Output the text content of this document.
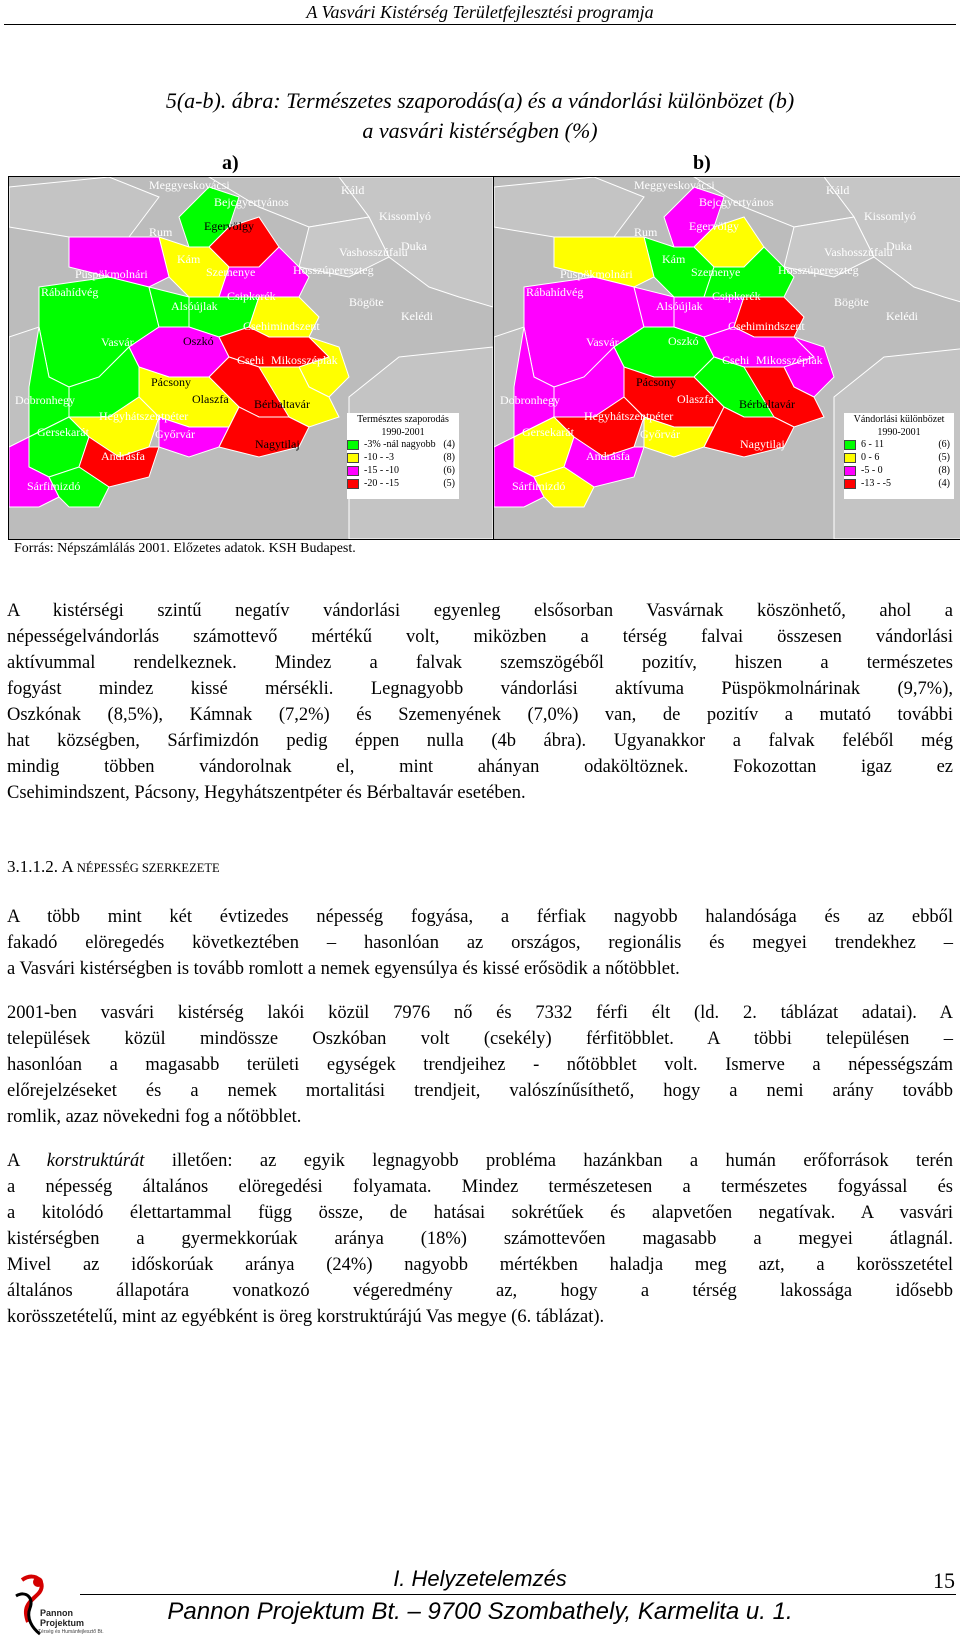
A Vasvári Kistérség Területfejlesztési programja
5(a-b). ábra: Természetes szaporodás(a) és a vándorlási különbözet (b)
a vasvári kistérségben (%)
a)	b)
Meggyeskovácsi	Káld
Bejcgyertyános
Egervölgy
Rum
Kám
Szemenye
Csipkerék
Alsóújlak
Oszkó
Vasvár
Csehi Mikosszéplak
Pácsony
Olaszfa Bérbaltavár
Hegyhátszentpéter
Győrvár
Nagytilaj
Andrásfa
Sárfimizdó
Rábahídvég
Püspökmolnári
Bögöte
Kissomlyó
Duka
Vashosszúfalu
Hosszúpereszteg
Kelédi
Csehimindszent
Dobronhegy
Gersekarát
Természtes szaporodás
1990-2001
-3% -nál nagyobb (4)
-10 - -3	(8)
-15 - -10	(6)
-20 - -15	(5)
Meggyeskovácsi	Káld
Bejcgyertyános
Egervölgy
Rum
Kám
Szemenye
Csipkerék
Alsóújlak
Oszkó
Vasvár
Csehi Mikosszéplak
Pácsony
Olaszfa Bérbaltavár
Hegyhátszentpéter
Győrvár
Nagytilaj
Andrásfa
Sárfimizdó
Rábahídvég
Püspökmolnári
Bögöte
Kissomlyó
Duka
Vashosszúfalu
Hosszúpereszteg
Kelédi
Csehimindszent
Dobronhegy
Gersekarát
Vándorlási különbözet
1990-2001
6 - 11	(6)
0 - 6	(5)
-5 - 0	(8)
-13 - -5	(4)
Forrás: Népszámlálás 2001. Előzetes adatok. KSH Budapest.
A kistérségi szintű negatív vándorlási egyenleg elsősorban Vasvárnak köszönhető, ahol a
népességelvándorlás számottevő mértékű volt, miközben a térség falvai összesen vándorlási
aktívummal rendelkeznek. Mindez a falvak szemszögéből pozitív, hiszen a természetes
fogyást mindez kissé mérsékli. Legnagyobb vándorlási aktívuma Püspökmolnárinak (9,7%),
Oszkónak (8,5%), Kámnak (7,2%) és Szemenyének (7,0%) van, de pozitív a mutató további
hat községben, Sárfimizdón pedig éppen nulla (4b ábra). Ugyanakkor a falvak feléből még
mindig többen vándorolnak el, mint ahányan odaköltöznek. Fokozottan igaz ez
Csehimindszent, Pácsony, Hegyhátszentpéter és Bérbaltavár esetében.
3.1.1.2. A NÉPESSÉG SZERKEZETE
A több mint két évtizedes népesség fogyása, a férfiak nagyobb halandósága és az ebből
fakadó elöregedés következtében – hasonlóan az országos, regionális és megyei trendekhez –
a Vasvári kistérségben is tovább romlott a nemek egyensúlya és kissé erősödik a nőtöbblet.
2001-ben vasvári kistérség lakói közül 7976 nő és 7332 férfi élt (ld. 2. táblázat adatai). A
települések közül mindössze Oszkóban volt (csekély) férfitöbblet. A többi településen –
hasonlóan a magasabb területi egységek trendjeihez - nőtöbblet volt. Ismerve a népességszám
előrejelzéseket és a nemek mortalitási trendjeit, valószínűsíthető, hogy a nemi arány tovább
romlik, azaz növekedni fog a nőtöbblet.
A korstruktúrát illetően: az egyik legnagyobb probléma hazánkban a humán erőforrások terén
a népesség általános elöregedési folyamata. Mindez természetesen a természetes fogyással és
a kitolódó élettartammal függ össze, de hatásai sokrétűek és alapvetően negatívak. A vasvári
kistérségben a gyermekkorúak aránya (18%) számottevően magasabb a megyei átlagnál.
Mivel az időskorúak aránya (24%) nagyobb mértékben haladja meg azt, a korösszetétel
általános állapotára vonatkozó végeredmény az, hogy a térség lakossága idősebb
korösszetételű, mint az egyébként is öreg korstruktúrájú Vas megye (6. táblázat).
Pannon
Projektum
Térség és Humánfejlesztő Bt.
I. Helyzetelemzés	15
Pannon Projektum Bt. – 9700 Szombathely, Karmelita u. 1.
